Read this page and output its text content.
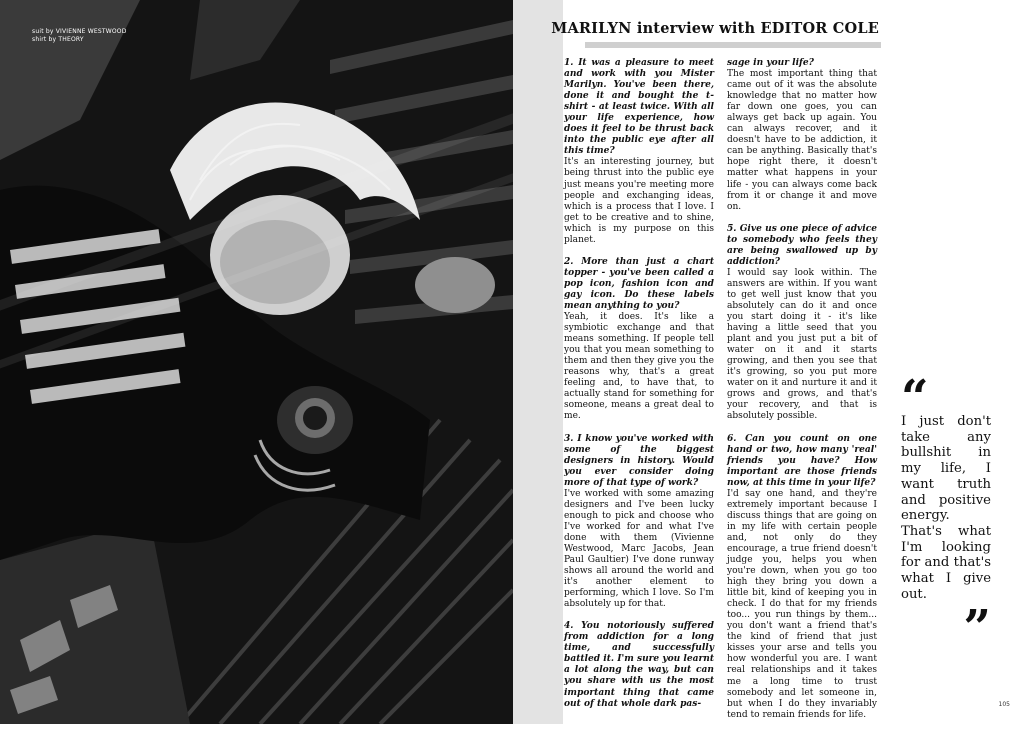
suit by VIVIENNE WESTWOOD
shirt by THEORY
MARILYN interview with EDITOR COLE

1. It was a pleasure to meet and work with you Mister Marilyn. You've been there, done it and bought the t-shirt - at least twice. With all your life experience, how does it feel to be thrust back into the public eye after all this time?

It's an interesting journey, but being thrust into the public eye just means you're meeting more people and exchanging ideas, which is a process that I love. I get to be creative and to shine, which is my purpose on this planet.

2. More than just a chart topper - you've been called a pop icon, fashion icon and gay icon. Do these labels mean anything to you?

Yeah, it does. It's like a symbiotic exchange and that means something. If people tell you that you mean something to them and then they give you the reasons why, that's a great feeling and, to have that, to actually stand for something for someone, means a great deal to me.

3. I know you've worked with some of the biggest designers in history. Would you ever consider doing more of that type of work?

I've worked with some amazing designers and I've been lucky enough to pick and choose who I've worked for and what I've done with them (Vivienne Westwood, Marc Jacobs, Jean Paul Gaultier) I've done runway shows all around the world and it's another element to performing, which I love. So I'm absolutely up for that.

4. You notoriously suffered from addiction for a long time, and successfully battled it. I'm sure you learnt a lot along the way, but can you share with us the most important thing that came out of that whole dark pas-

sage in your life?

The most important thing that came out of it was the absolute knowledge that no matter how far down one goes, you can always get back up again. You can always recover, and it doesn't have to be addiction, it can be anything. Basically that's hope right there, it doesn't matter what happens in your life - you can always come back from it or change it and move on.

5. Give us one piece of advice to somebody who feels they are being swallowed up by addiction?

I would say look within. The answers are within. If you want to get well just know that you absolutely can do it and once you start doing it - it's like having a little seed that you plant and you just put a bit of water on it and it starts growing, and then you see that it's growing, so you put more water on it and nurture it and it grows and grows, and that's your recovery, and that is absolutely possible.

6. Can you count on one hand or two, how many 'real' friends you have? How important are those friends now, at this time in your life?

I'd say one hand, and they're extremely important because I discuss things that are going on in my life with certain people and, not only do they encourage, a true friend doesn't judge you, helps you when you're down, when you go too high they bring you down a little bit, kind of keeping you in check. I do that for my friends too... you run things by them... you don't want a friend that's the kind of friend that just kisses your arse and tells you how wonderful you are. I want real relationships and it takes me a long time to trust somebody and let someone in, but when I do they invariably tend to remain friends for life.

“
I just don't take any bullshit in my life, I want truth and positive energy. That's what I'm looking for and that's what I give out.
”
105
